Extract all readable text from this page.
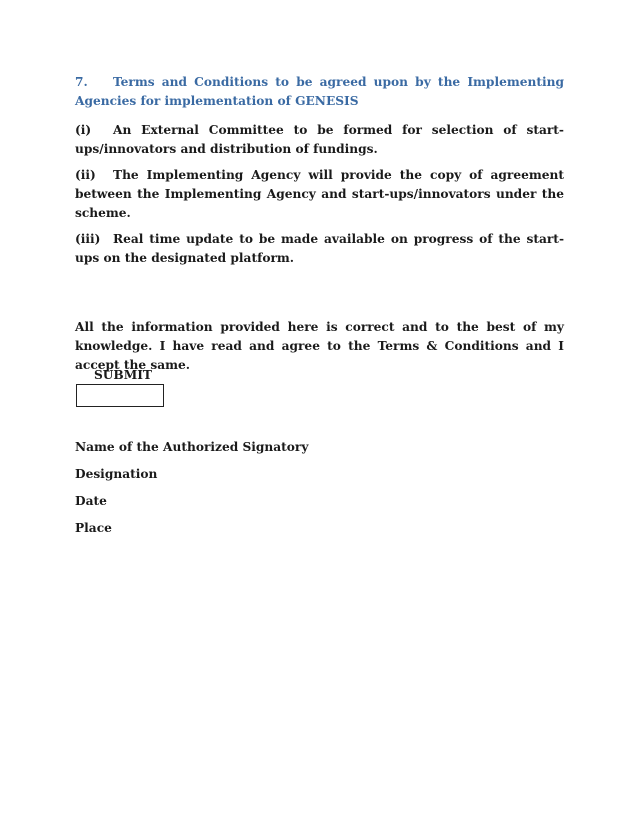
7. Terms and Conditions to be agreed upon by the Implementing Agencies for implementation of GENESIS

(i) An External Committee to be formed for selection of start-ups/innovators and distribution of fundings.

(ii) The Implementing Agency will provide the copy of agreement between the Implementing Agency and start-ups/innovators under the scheme.

(iii) Real time update to be made available on progress of the start-ups on the designated platform.

All the information provided here is correct and to the best of my knowledge. I have read and agree to the Terms & Conditions and I accept the same.

SUBMIT
Name of the Authorized Signatory
Designation
Date
Place
